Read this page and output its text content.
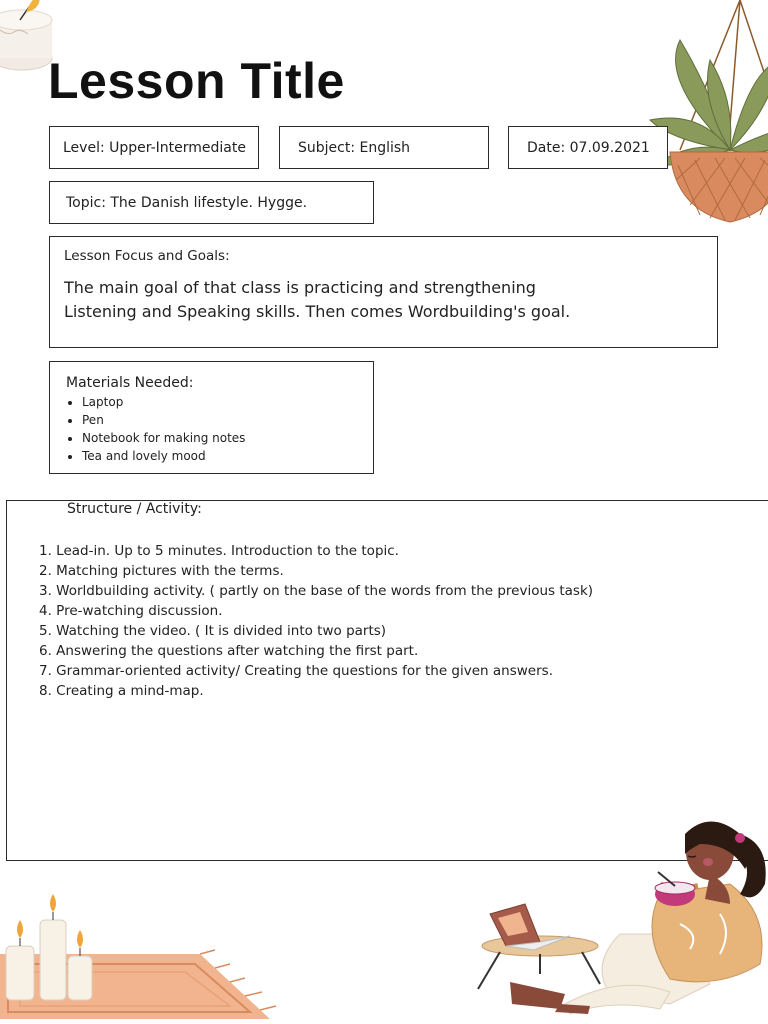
Lesson Title
Level: Upper-Intermediate	Subject: English	Date: 07.09.2021
Topic: The Danish lifestyle. Hygge.
Lesson Focus and Goals:
The main goal of that class is practicing and strengthening
Listening and Speaking skills. Then comes Wordbuilding's goal.
Materials Needed:
• Laptop
• Pen
• Notebook for making notes
• Tea and lovely mood
Structure / Activity:
1. Lead-in. Up to 5 minutes. Introduction to the topic.
2. Matching pictures with the terms.
3. Worldbuilding activity. ( partly on the base of the words from the previous task)
4. Pre-watching discussion.
5. Watching the video. ( It is divided into two parts)
6. Answering the questions after watching the first part.
7. Grammar-oriented activity/ Creating the questions for the given answers.
8. Creating a mind-map.
